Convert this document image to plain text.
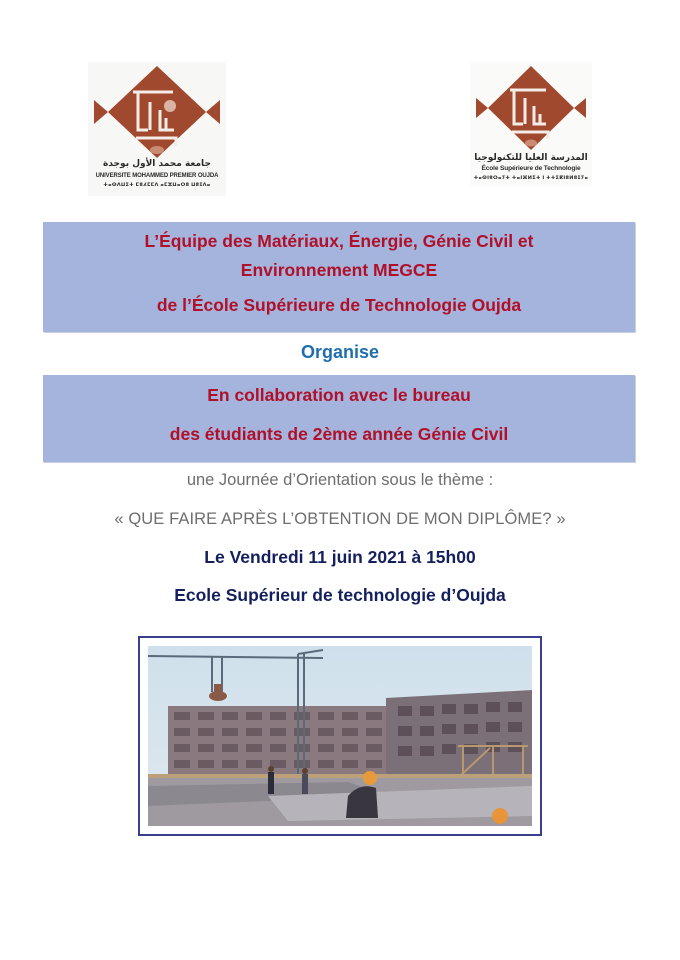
جامعة محمد الأول بوجدة
UNIVERSITE MOHAMMED PREMIER OUJDA
ⵜⴰⵙⴷⵡⵉⵜ ⵎⵓⵃⵎⵎⴷ ⴰⵎⵣⵡⴰⵔⵓ ⵡⵓⵊⴷⴰ
المدرسة العليا للتكنولوجيا
École Supérieure de Technologie
ⵜⴰⵙⵏⵓⵔⴰⵢⵜ ⵜⴰⵏⴼⵍⵉⵜ ⵏ ⵜⵜⵉⴽⵏⵓⵍⵓⵊⵢⴰ
L’Équipe des Matériaux, Énergie, Génie Civil et
Environnement MEGCE
de l’École Supérieure de Technologie Oujda
Organise
En collaboration avec le bureau
des étudiants de 2ème année Génie Civil
une Journée d’Orientation sous le thème :
« QUE FAIRE APRÈS L’OBTENTION DE MON DIPLÔME? »
Le Vendredi 11 juin 2021 à 15h00
Ecole Supérieur de technologie d’Oujda
